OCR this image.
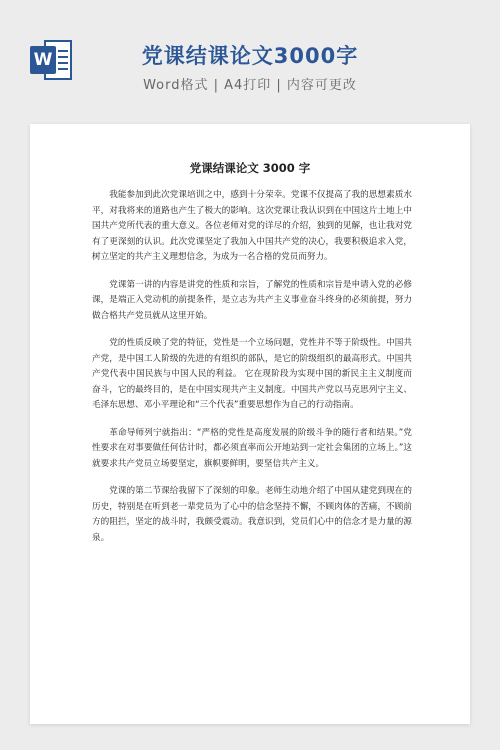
W	党课结课论文3000字
Word格式 | A4打印 | 内容可更改
党课结课论文 3000 字

我能参加到此次党课培训之中，感到十分荣幸。党课不仅提高了我的思想素质水平，对我将来的道路也产生了极大的影响。这次党课让我认识到在中国这片土地上中国共产党所代表的重大意义。各位老师对党的详尽的介绍，独到的见解，也让我对党有了更深刻的认识。此次党课坚定了我加入中国共产党的决心，我要积极追求入党，树立坚定的共产主义理想信念，为成为一名合格的党员而努力。

党课第一讲的内容是讲党的性质和宗旨，了解党的性质和宗旨是申请入党的必修课，是端正入党动机的前提条件，是立志为共产主义事业奋斗终身的必须前提，努力做合格共产党员就从这里开始。

党的性质反映了党的特征，党性是一个立场问题，党性并不等于阶级性。中国共产党，是中国工人阶级的先进的有组织的部队，是它的阶级组织的最高形式。中国共产党代表中国民族与中国人民的利益。 它在现阶段为实现中国的新民主主义制度而奋斗，它的最终目的，是在中国实现共产主义制度。中国共产党以马克思列宁主义、毛泽东思想、邓小平理论和“三个代表”重要思想作为自己的行动指南。

革命导师列宁就指出：“严格的党性是高度发展的阶级斗争的随行者和结果。”党性要求在对事要做任何估计时，都必须直率而公开地站到一定社会集团的立场上。”这就要求共产党员立场要坚定，旗帜要鲜明，要坚信共产主义。

党课的第二节课给我留下了深刻的印象。老师生动地介绍了中国从建党到现在的历史，特别是在听到老一辈党员为了心中的信念坚持不懈，不顾肉体的苦痛，不顾前方的阻拦，坚定的战斗时，我颇受震动。我意识到，党员们心中的信念才是力量的源泉。
